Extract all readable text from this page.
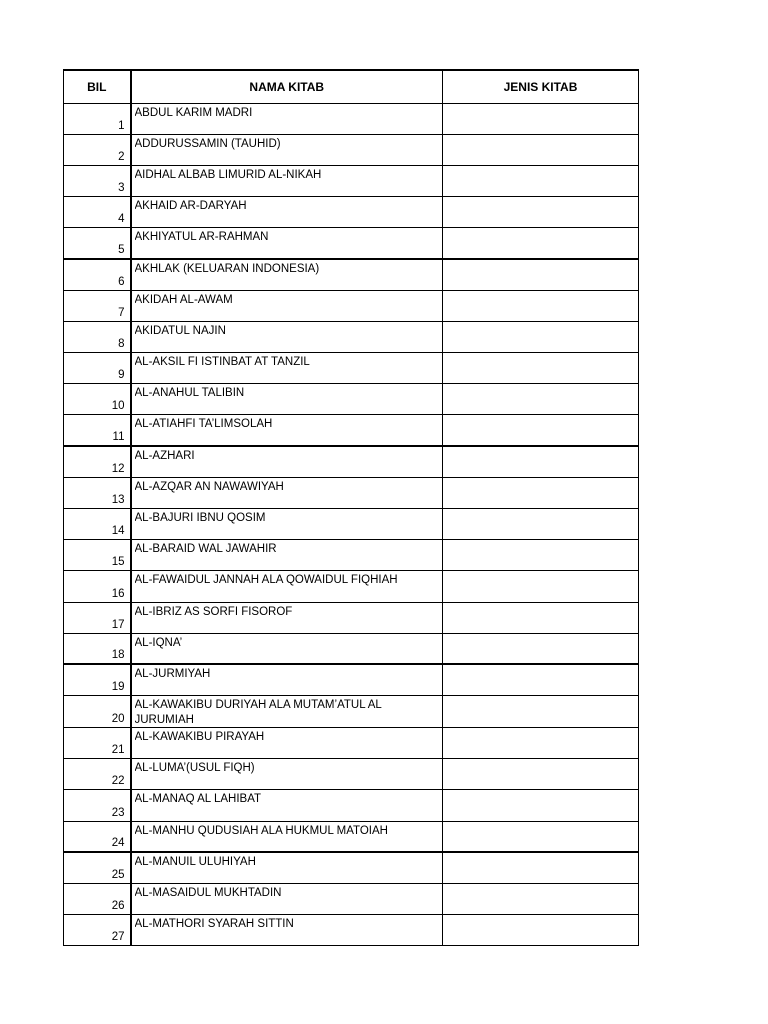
BIL	NAMA KITAB	JENIS KITAB
1	ABDUL KARIM MADRI	

2	ADDURUSSAMIN (TAUHID)	

3	AIDHAL ALBAB LIMURID AL-NIKAH	

4	AKHAID AR-DARYAH	

5	AKHIYATUL AR-RAHMAN	

6	AKHLAK (KELUARAN INDONESIA)	

7	AKIDAH AL-AWAM	

8	AKIDATUL NAJIN	

9	AL-AKSIL FI ISTINBAT AT TANZIL	

10	AL-ANAHUL TALIBIN	

11	AL-ATIAHFI TA’LIMSOLAH	

12	AL-AZHARI	

13	AL-AZQAR AN NAWAWIYAH	

14	AL-BAJURI IBNU QOSIM	

15	AL-BARAID WAL JAWAHIR	

16	AL-FAWAIDUL JANNAH ALA QOWAIDUL FIQHIAH	

17	AL-IBRIZ AS SORFI FISOROF	

18	AL-IQNA’	

19	AL-JURMIYAH	

20	AL-KAWAKIBU DURIYAH ALA MUTAM’ATUL AL JURUMIAH	

21	AL-KAWAKIBU PIRAYAH	

22	AL-LUMA’(USUL FIQH)	

23	AL-MANAQ AL LAHIBAT	

24	AL-MANHU QUDUSIAH ALA HUKMUL MATOIAH	

25	AL-MANUIL ULUHIYAH	

26	AL-MASAIDUL MUKHTADIN	

27	AL-MATHORI SYARAH SITTIN	
